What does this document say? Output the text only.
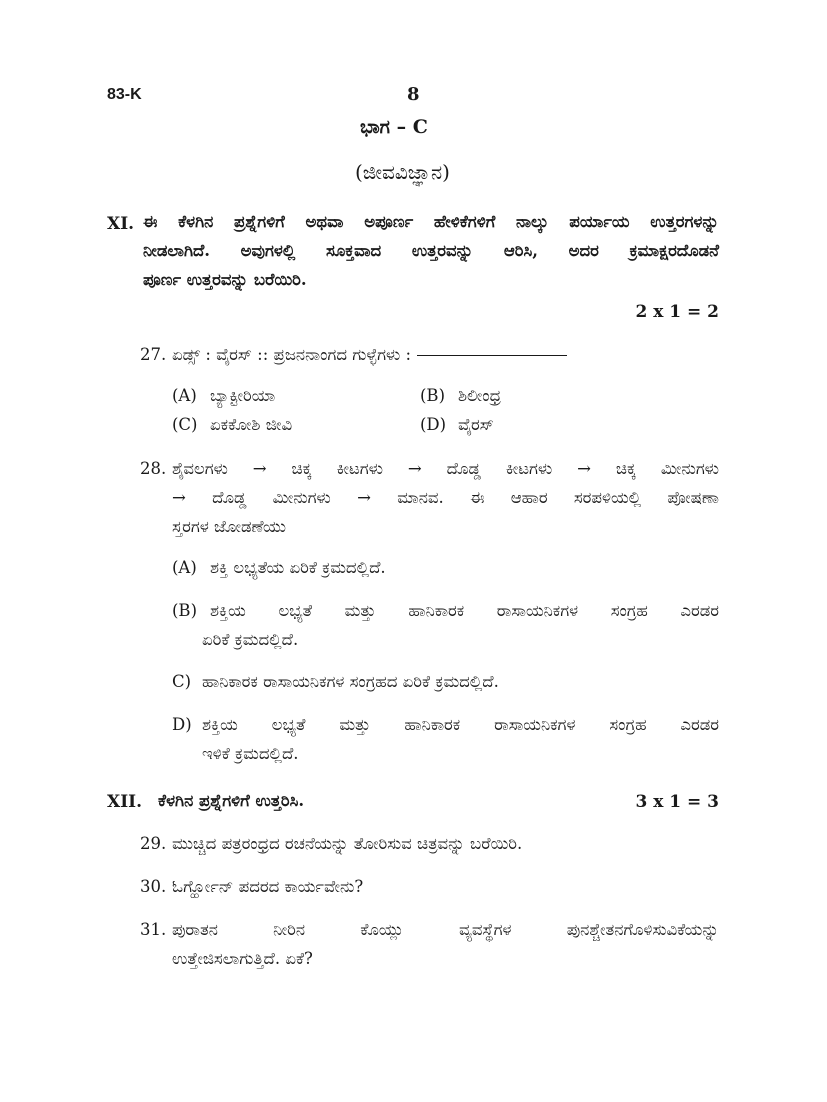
83-K	8
ಭಾಗ – C
(ಜೀವವಿಜ್ಞಾನ)
XI. ಈ ಕೆಳಗಿನ ಪ್ರಶ್ನೆಗಳಿಗೆ ಅಥವಾ ಅಪೂರ್ಣ ಹೇಳಿಕೆಗಳಿಗೆ ನಾಲ್ಕು ಪರ್ಯಾಯ ಉತ್ತರಗಳನ್ನು
ನೀಡಲಾಗಿದೆ. ಅವುಗಳಲ್ಲಿ ಸೂಕ್ತವಾದ ಉತ್ತರವನ್ನು ಆರಿಸಿ, ಅದರ ಕ್ರಮಾಕ್ಷರದೊಡನೆ
ಪೂರ್ಣ ಉತ್ತರವನ್ನು ಬರೆಯಿರಿ.
2 x 1 = 2
27. ಏಡ್ಸ್ : ವೈರಸ್ :: ಪ್ರಜನನಾಂಗದ ಗುಳ್ಳೆಗಳು :
(A) ಬ್ಯಾಕ್ಟೀರಿಯಾ	(B) ಶಿಲೀಂಧ್ರ
(C) ಏಕಕೋಶಿ ಜೀವಿ	(D) ವೈರಸ್
28. ಶೈವಲಗಳು → ಚಿಕ್ಕ ಕೀಟಗಳು → ದೊಡ್ಡ ಕೀಟಗಳು → ಚಿಕ್ಕ ಮೀನುಗಳು
→ ದೊಡ್ಡ ಮೀನುಗಳು → ಮಾನವ. ಈ ಆಹಾರ ಸರಪಳಿಯಲ್ಲಿ ಪೋಷಣಾ
ಸ್ತರಗಳ ಜೋಡಣೆಯು
(A) ಶಕ್ತಿ ಲಭ್ಯತೆಯ ಏರಿಕೆ ಕ್ರಮದಲ್ಲಿದೆ.
(B) ಶಕ್ತಿಯ ಲಭ್ಯತೆ ಮತ್ತು ಹಾನಿಕಾರಕ ರಾಸಾಯನಿಕಗಳ ಸಂಗ್ರಹ ಎರಡರ
ಏರಿಕೆ ಕ್ರಮದಲ್ಲಿದೆ.
C) ಹಾನಿಕಾರಕ ರಾಸಾಯನಿಕಗಳ ಸಂಗ್ರಹದ ಏರಿಕೆ ಕ್ರಮದಲ್ಲಿದೆ.
D) ಶಕ್ತಿಯ ಲಭ್ಯತೆ ಮತ್ತು ಹಾನಿಕಾರಕ ರಾಸಾಯನಿಕಗಳ ಸಂಗ್ರಹ ಎರಡರ
ಇಳಿಕೆ ಕ್ರಮದಲ್ಲಿದೆ.
XII. ಕೆಳಗಿನ ಪ್ರಶ್ನೆಗಳಿಗೆ ಉತ್ತರಿಸಿ.	3 x 1 = 3
29. ಮುಚ್ಚಿದ ಪತ್ರರಂಧ್ರದ ರಚನೆಯನ್ನು ತೋರಿಸುವ ಚಿತ್ರವನ್ನು ಬರೆಯಿರಿ.
30. ಓರ್ಗ್ಹೋನ್ ಪದರದ ಕಾರ್ಯವೇನು?
31. ಪುರಾತನ ನೀರಿನ ಕೊಯ್ಲು ವ್ಯವಸ್ಥೆಗಳ ಪುನಶ್ಚೇತನಗೊಳಿಸುವಿಕೆಯನ್ನು
ಉತ್ತೇಜಿಸಲಾಗುತ್ತಿದೆ. ಏಕೆ?
